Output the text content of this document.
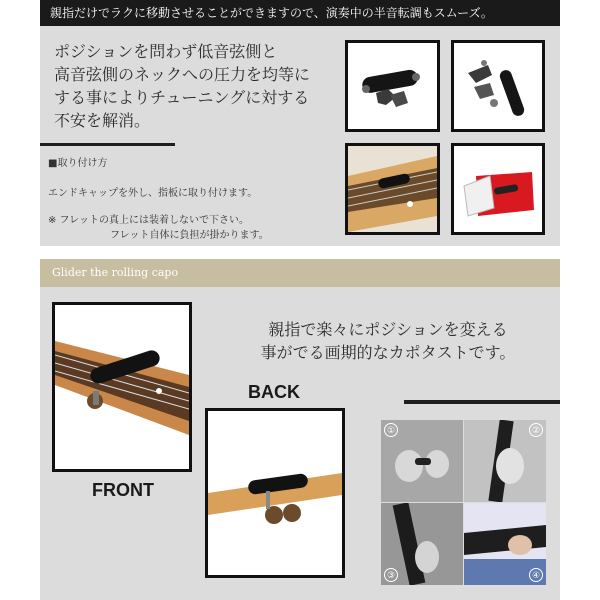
親指だけでラクに移動させることができますので、演奏中の半音転調もスムーズ。
ポジションを問わず低音弦側と
高音弦側のネックへの圧力を均等に
する事によりチューニングに対する
不安を解消。
■取り付け方
エンドキャップを外し、指板に取り付けます。
※ フレットの真上には装着しないで下さい。
フレット自体に負担が掛かります。
Glider the rolling capo
親指で楽々にポジションを変える
事がでる画期的なカポタストです。
FRONT
BACK
①	②
③	④
